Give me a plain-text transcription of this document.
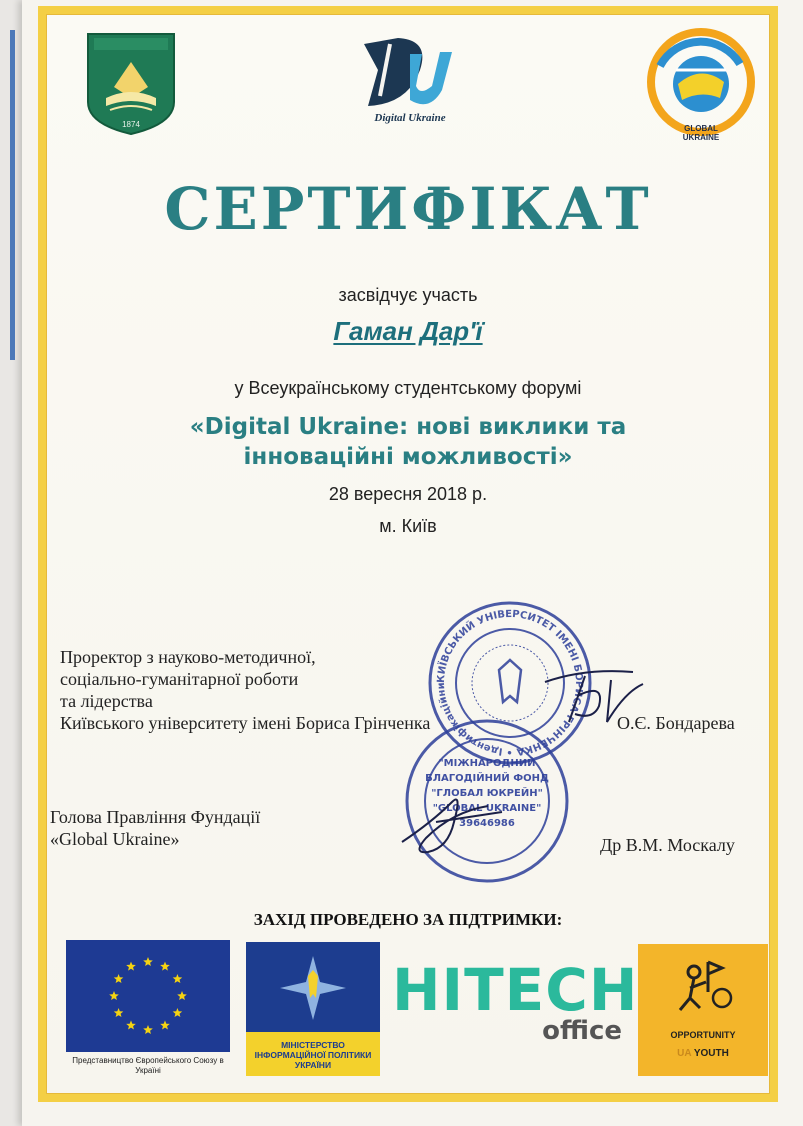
1874
Digital Ukraine
GLOBAL UKRAINE
СЕРТИФІКАТ
засвідчує участь
Гаман Дар'ї
у Всеукраїнському студентському форумі
«Digital Ukraine: нові виклики та
інноваційні можливості»
28 вересня 2018 р.
м. Київ
КИЇВСЬКИЙ УНІВЕРСИТЕТ ІМЕНІ БОРИСА ГРІНЧЕНКА • Ідентифікаційни
"МІЖНАРОДНИЙ
БЛАГОДІЙНИЙ ФОНД
"ГЛОБАЛ ЮКРЕЙН"
"GLOBAL UKRAINE"
39646986
Проректор з науково-методичної,
соціально-гуманітарної роботи
та лідерства
Київського університету імені Бориса Грінченка	О.Є. Бондарева
Голова Правління Фундації
«Global Ukraine»	Др В.М. Москалу
ЗАХІД ПРОВЕДЕНО ЗА ПІДТРИМКИ:
Представництво Європейського Союзу в Україні
МІНІСТЕРСТВО ІНФОРМАЦІЙНОЇ ПОЛІТИКИ УКРАЇНИ
HITECH
office	OPPORTUNITY
UA YOUTH
